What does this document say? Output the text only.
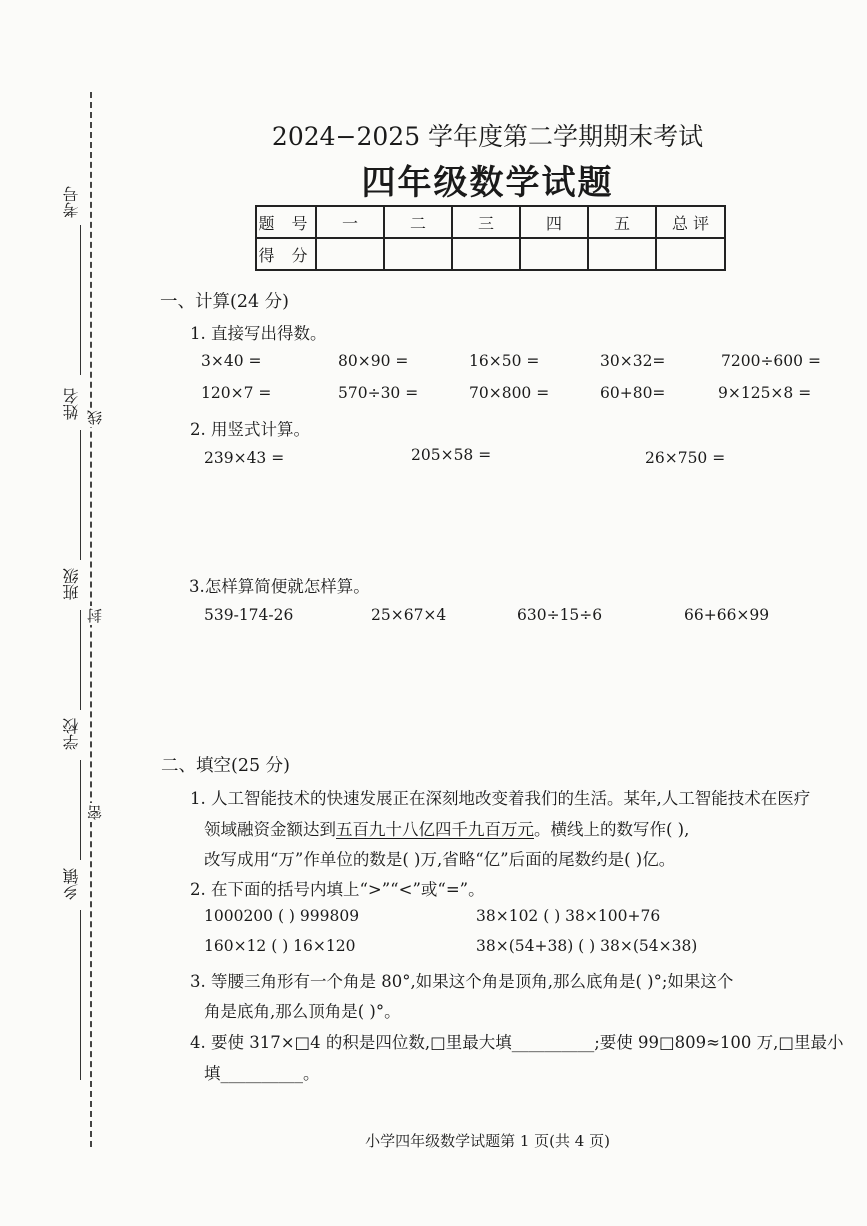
考号
姓名
班级
学校
乡镇
线
封
密
2024−2025 学年度第二学期期末考试
四年级数学试题
题 号	一	二	三	四	五	总 评
得 分						
一、计算(24 分)
1. 直接写出得数。
3×40 =	80×90 =	16×50 =	30×32=	7200÷600 =
120×7 =	570÷30 =	70×800 =	60+80=	9×125×8 =
2. 用竖式计算。
239×43 =	205×58 =	26×750 =
3.怎样算简便就怎样算。
539-174-26	25×67×4	630÷15÷6	66+66×99
二、填空(25 分)
1. 人工智能技术的快速发展正在深刻地改变着我们的生活。某年,人工智能技术在医疗
领域融资金额达到五百九十八亿四千九百万元。横线上的数写作( ),
改写成用“万”作单位的数是( )万,省略“亿”后面的尾数约是( )亿。
2. 在下面的括号内填上“>”“<”或“=”。
1000200 ( ) 999809	38×102 ( ) 38×100+76
160×12 ( ) 16×120	38×(54+38) ( ) 38×(54×38)
3. 等腰三角形有一个角是 80°,如果这个角是顶角,那么底角是( )°;如果这个
角是底角,那么顶角是( )°。
4. 要使 317×□4 的积是四位数,□里最大填__________;要使 99□809≈100 万,□里最小
填__________。
小学四年级数学试题第 1 页(共 4 页)
